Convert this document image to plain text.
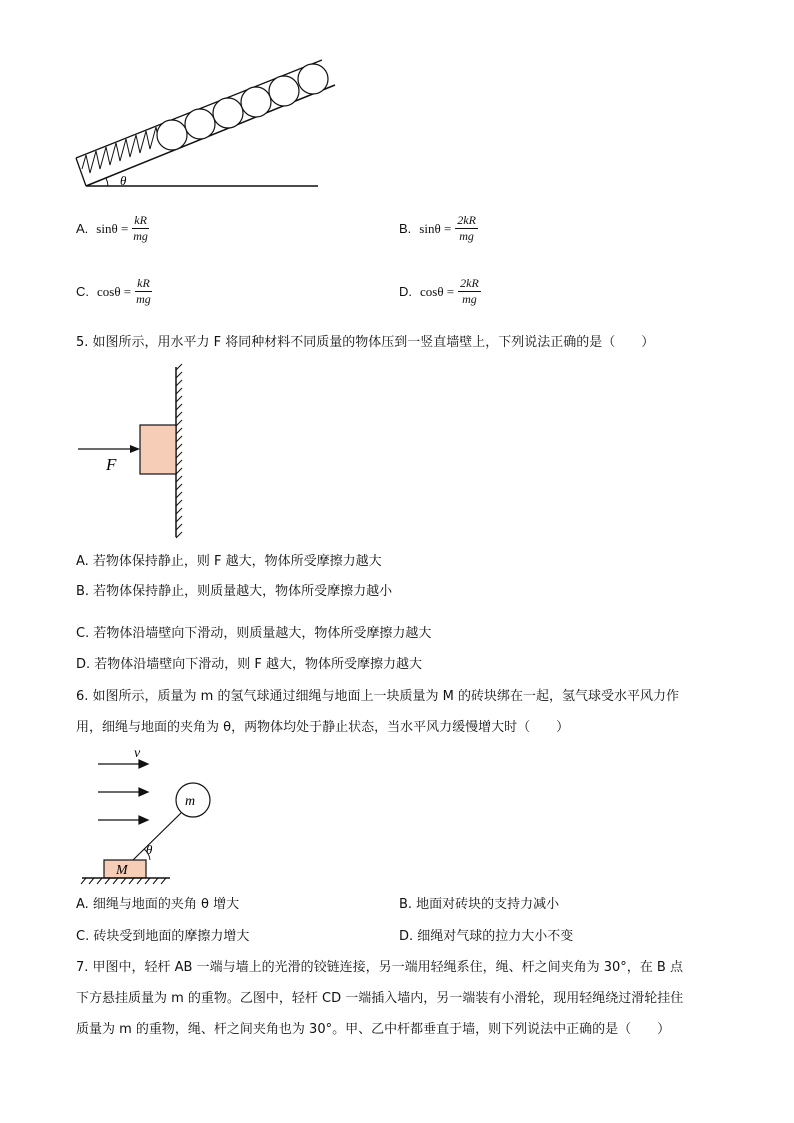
θ
A. $\sin\theta = \frac{kR}{mg}$	B. $\sin\theta = \frac{2kR}{mg}$
C. $\cos\theta = \frac{kR}{mg}$	D. $\cos\theta = \frac{2kR}{mg}$
5. 如图所示，用水平力 F 将同种材料不同质量的物体压到一竖直墙壁上，下列说法正确的是（　　）
F
A. 若物体保持静止，则 F 越大，物体所受摩擦力越大
B. 若物体保持静止，则质量越大，物体所受摩擦力越小
C. 若物体沿墙壁向下滑动，则质量越大，物体所受摩擦力越大
D. 若物体沿墙壁向下滑动，则 F 越大，物体所受摩擦力越大
6. 如图所示，质量为 m 的氢气球通过细绳与地面上一块质量为 M 的砖块绑在一起，氢气球受水平风力作
用，细绳与地面的夹角为 θ，两物体均处于静止状态，当水平风力缓慢增大时（　　）
v
m
θ
M
A. 细绳与地面的夹角 θ 增大	B. 地面对砖块的支持力减小
C. 砖块受到地面的摩擦力增大	D. 细绳对气球的拉力大小不变
7. 甲图中，轻杆 AB 一端与墙上的光滑的铰链连接，另一端用轻绳系住，绳、杆之间夹角为 30°，在 B 点
下方悬挂质量为 m 的重物。乙图中，轻杆 CD 一端插入墙内，另一端装有小滑轮，现用轻绳绕过滑轮挂住
质量为 m 的重物，绳、杆之间夹角也为 30°。甲、乙中杆都垂直于墙，则下列说法中正确的是（　　）
